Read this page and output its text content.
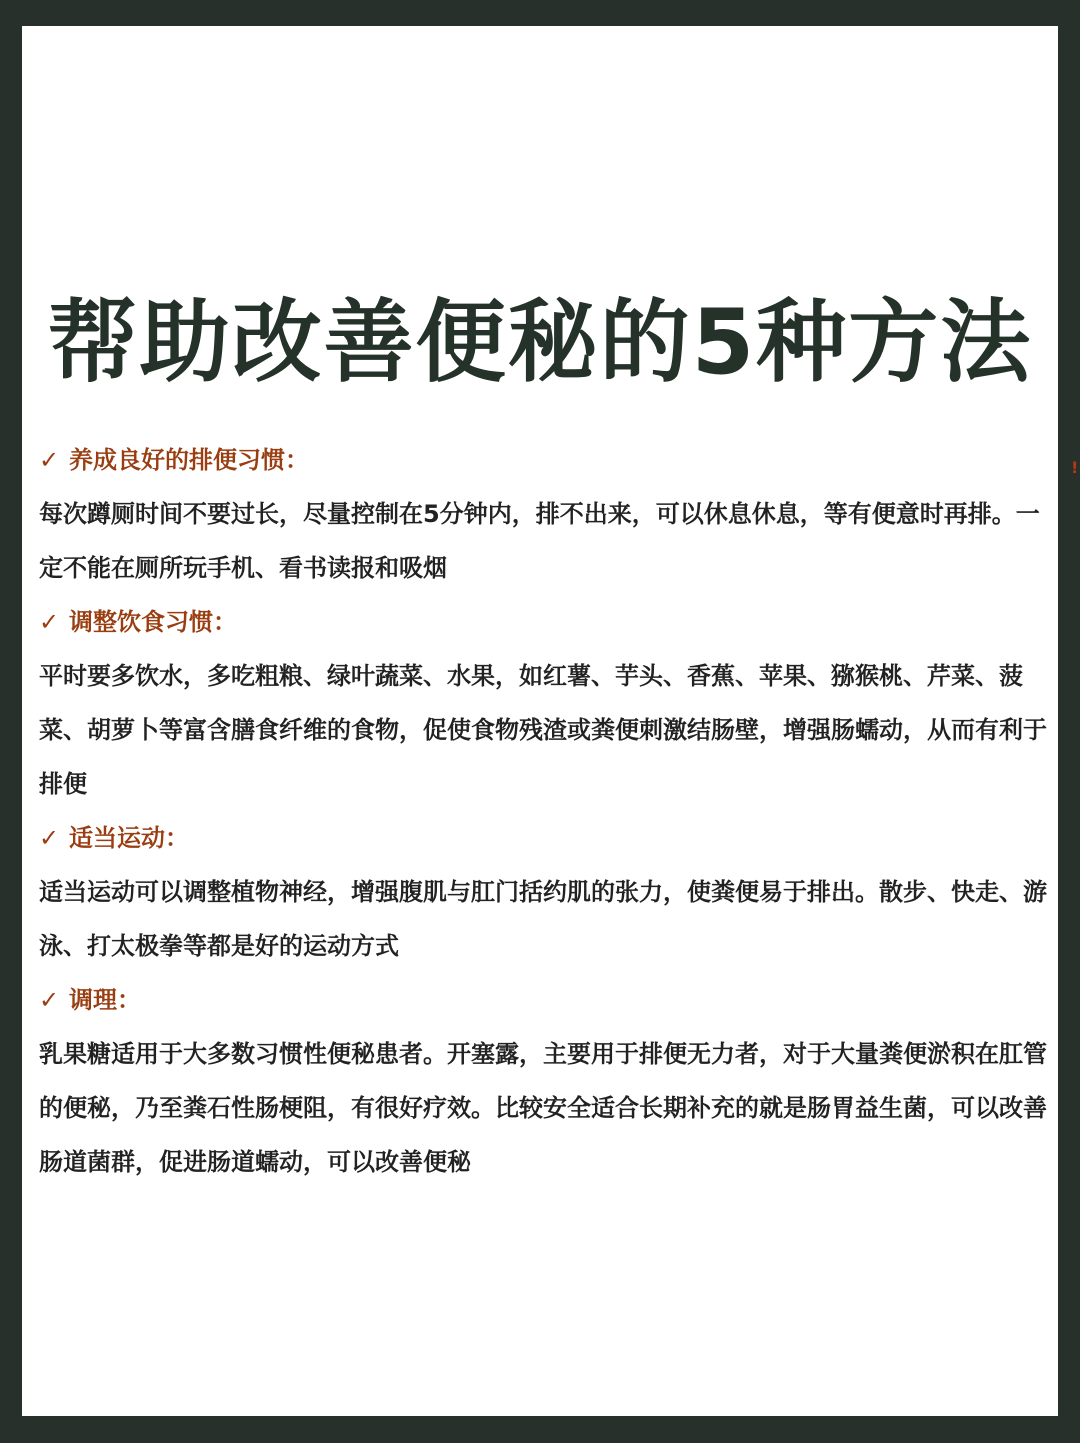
帮助改善便秘的5种方法
✓ 养成良好的排便习惯：

每次蹲厕时间不要过长，尽量控制在5分钟内，排不出来，可以休息休息，等有便意时再排。一定不能在厕所玩手机、看书读报和吸烟

✓ 调整饮食习惯：

平时要多饮水，多吃粗粮、绿叶蔬菜、水果，如红薯、芋头、香蕉、苹果、猕猴桃、芹菜、菠菜、胡萝卜等富含膳食纤维的食物，促使食物残渣或粪便刺激结肠壁，增强肠蠕动，从而有利于排便

✓ 适当运动：

适当运动可以调整植物神经，增强腹肌与肛门括约肌的张力，使粪便易于排出。散步、快走、游泳、打太极拳等都是好的运动方式

✓ 调理：

乳果糖适用于大多数习惯性便秘患者。开塞露，主要用于排便无力者，对于大量粪便淤积在肛管的便秘，乃至粪石性肠梗阻，有很好疗效。比较安全适合长期补充的就是肠胃益生菌，可以改善肠道菌群，促进肠道蠕动，可以改善便秘

!
